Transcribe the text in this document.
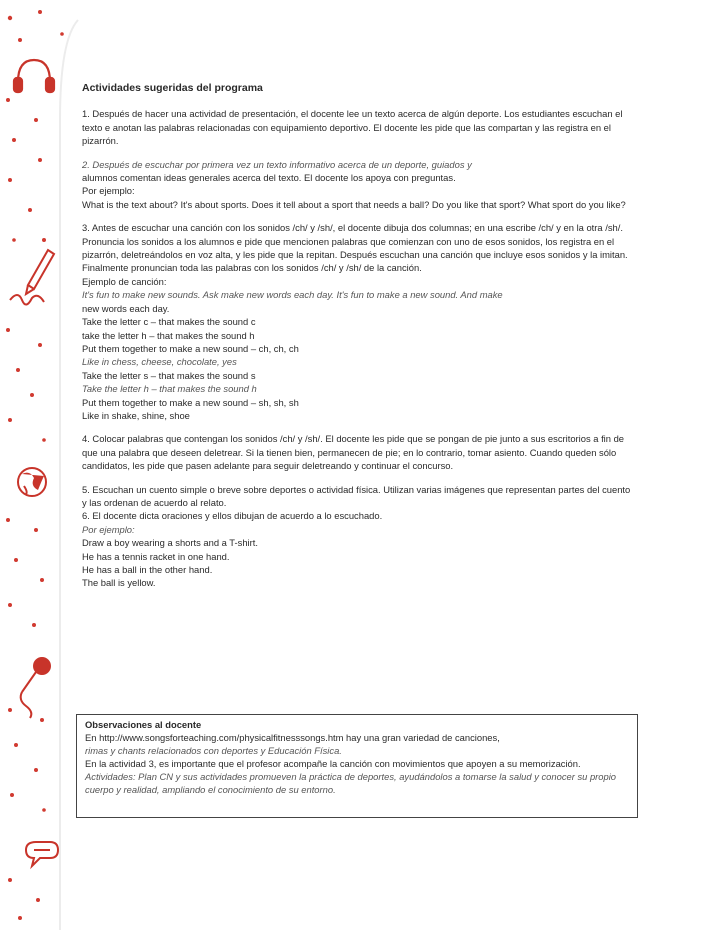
Actividades sugeridas del programa

1. Después de hacer una actividad de presentación, el docente lee un texto acerca de algún deporte. Los estudiantes escuchan el texto e anotan las palabras relacionadas con equipamiento deportivo. El docente les pide que las compartan y las registra en el pizarrón.

2. Después de escuchar por primera vez un texto informativo acerca de un deporte, guiados y

alumnos comentan ideas generales acerca del texto. El docente los apoya con preguntas.

Por ejemplo:

What is the text about? It's about sports. Does it tell about a sport that needs a ball? Do you like that sport? What sport do you like?

3. Antes de escuchar una canción con los sonidos /ch/ y /sh/, el docente dibuja dos columnas; en una escribe /ch/ y en la otra /sh/. Pronuncia los sonidos a los alumnos e pide que mencionen palabras que comienzan con uno de esos sonidos, los registra en el pizarrón, deletreándolos en voz alta, y les pide que la repitan. Después escuchan una canción que incluye esos sonidos y la imitan. Finalmente pronuncian toda las palabras con los sonidos /ch/ y /sh/ de la canción.

Ejemplo de canción:

It's fun to make new sounds. Ask make new words each day. It's fun to make a new sound. And make

new words each day.

Take the letter c – that makes the sound c

take the letter h – that makes the sound h

Put them together to make a new sound – ch, ch, ch

Like in chess, cheese, chocolate, yes

Take the letter s – that makes the sound s

Take the letter h – that makes the sound h

Put them together to make a new sound – sh, sh, sh

Like in shake, shine, shoe

4. Colocar palabras que contengan los sonidos /ch/ y /sh/. El docente les pide que se pongan de pie junto a sus escritorios a fin de que una palabra que deseen deletrear. Si la tienen bien, permanecen de pie; en lo contrario, tomar asiento. Cuando queden sólo candidatos, les pide que pasen adelante para seguir deletreando y continuar el concurso.

5. Escuchan un cuento simple o breve sobre deportes o actividad física. Utilizan varias imágenes que representan partes del cuento y las ordenan de acuerdo al relato.

6. El docente dicta oraciones y ellos dibujan de acuerdo a lo escuchado.

Por ejemplo:

Draw a boy wearing a shorts and a T-shirt.

He has a tennis racket in one hand.

He has a ball in the other hand.

The ball is yellow.

Observaciones al docente
En http://www.songsforteaching.com/physicalfitnesssongs.htm hay una gran variedad de canciones,
rimas y chants relacionados con deportes y Educación Física.
En la actividad 3, es importante que el profesor acompañe la canción con movimientos que apoyen a su memorización.
Actividades: Plan CN y sus actividades promueven la práctica de deportes, ayudándolos a tomarse la salud y conocer su propio cuerpo y realidad, ampliando el conocimiento de su entorno.
